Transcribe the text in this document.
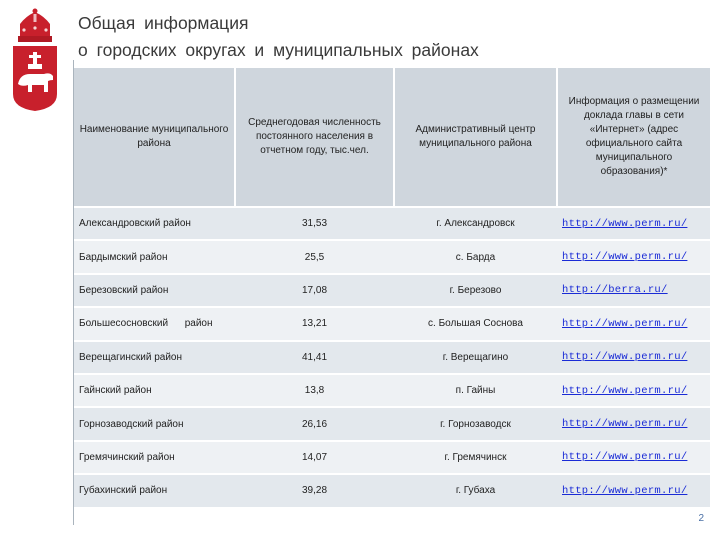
Общая информация
о городских округах и муниципальных районах
Наименование муниципального района	Среднегодовая численность постоянного населения в отчетном году, тыс.чел.	Административный центр муниципального района	Информация о размещении доклада главы в сети «Интернет» (адрес официального сайта муниципального образования)*
Александровский район	31,53	г. Александровск	http://www.perm.ru/
Бардымский район	25,5	с. Барда	http://www.perm.ru/
Березовский район	17,08	г. Березово	http://berra.ru/
Большесосновский      район	13,21	с. Большая Соснова	http://www.perm.ru/
Верещагинский район	41,41	г. Верещагино	http://www.perm.ru/
Гайнский район	13,8	п. Гайны	http://www.perm.ru/
Горнозаводский район	26,16	г. Горнозаводск	http://www.perm.ru/
Гремячинский район	14,07	г. Гремячинск	http://www.perm.ru/
Губахинский район	39,28	г. Губаха	http://www.perm.ru/
2
